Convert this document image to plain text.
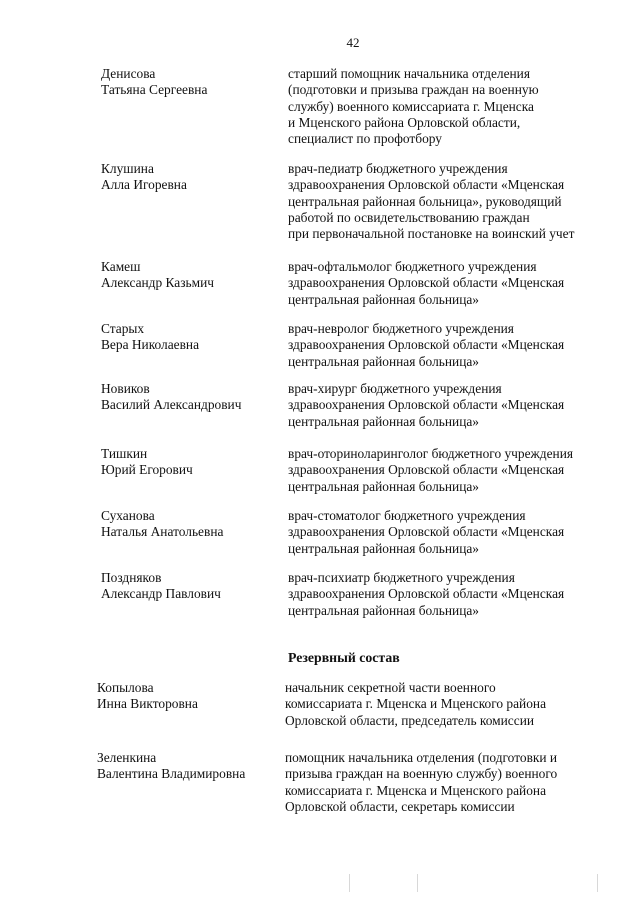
42
Денисова
Татьяна Сергеевна
старший помощник начальника отделения
(подготовки и призыва граждан на военную
службу) военного комиссариата г. Мценска
и Мценского района Орловской области,
специалист по профотбору
Клушина
Алла Игоревна
врач-педиатр бюджетного учреждения
здравоохранения Орловской области «Мценская
центральная районная больница», руководящий
работой по освидетельствованию граждан
при первоначальной постановке на воинский учет
Камеш
Александр Казьмич
врач-офтальмолог бюджетного учреждения
здравоохранения Орловской области «Мценская
центральная районная больница»
Старых
Вера Николаевна
врач-невролог бюджетного учреждения
здравоохранения Орловской области «Мценская
центральная районная больница»
Новиков
Василий Александрович
врач-хирург бюджетного учреждения
здравоохранения Орловской области «Мценская
центральная районная больница»
Тишкин
Юрий Егорович
врач-оториноларинголог бюджетного учреждения
здравоохранения Орловской области «Мценская
центральная районная больница»
Суханова
Наталья Анатольевна
врач-стоматолог бюджетного учреждения
здравоохранения Орловской области «Мценская
центральная районная больница»
Поздняков
Александр Павлович
врач-психиатр бюджетного учреждения
здравоохранения Орловской области «Мценская
центральная районная больница»
Резервный состав
Копылова
Инна Викторовна
начальник секретной части военного
комиссариата г. Мценска и Мценского района
Орловской области, председатель комиссии
Зеленкина
Валентина Владимировна
помощник начальника отделения (подготовки и
призыва граждан на военную службу) военного
комиссариата г. Мценска и Мценского района
Орловской области, секретарь комиссии
